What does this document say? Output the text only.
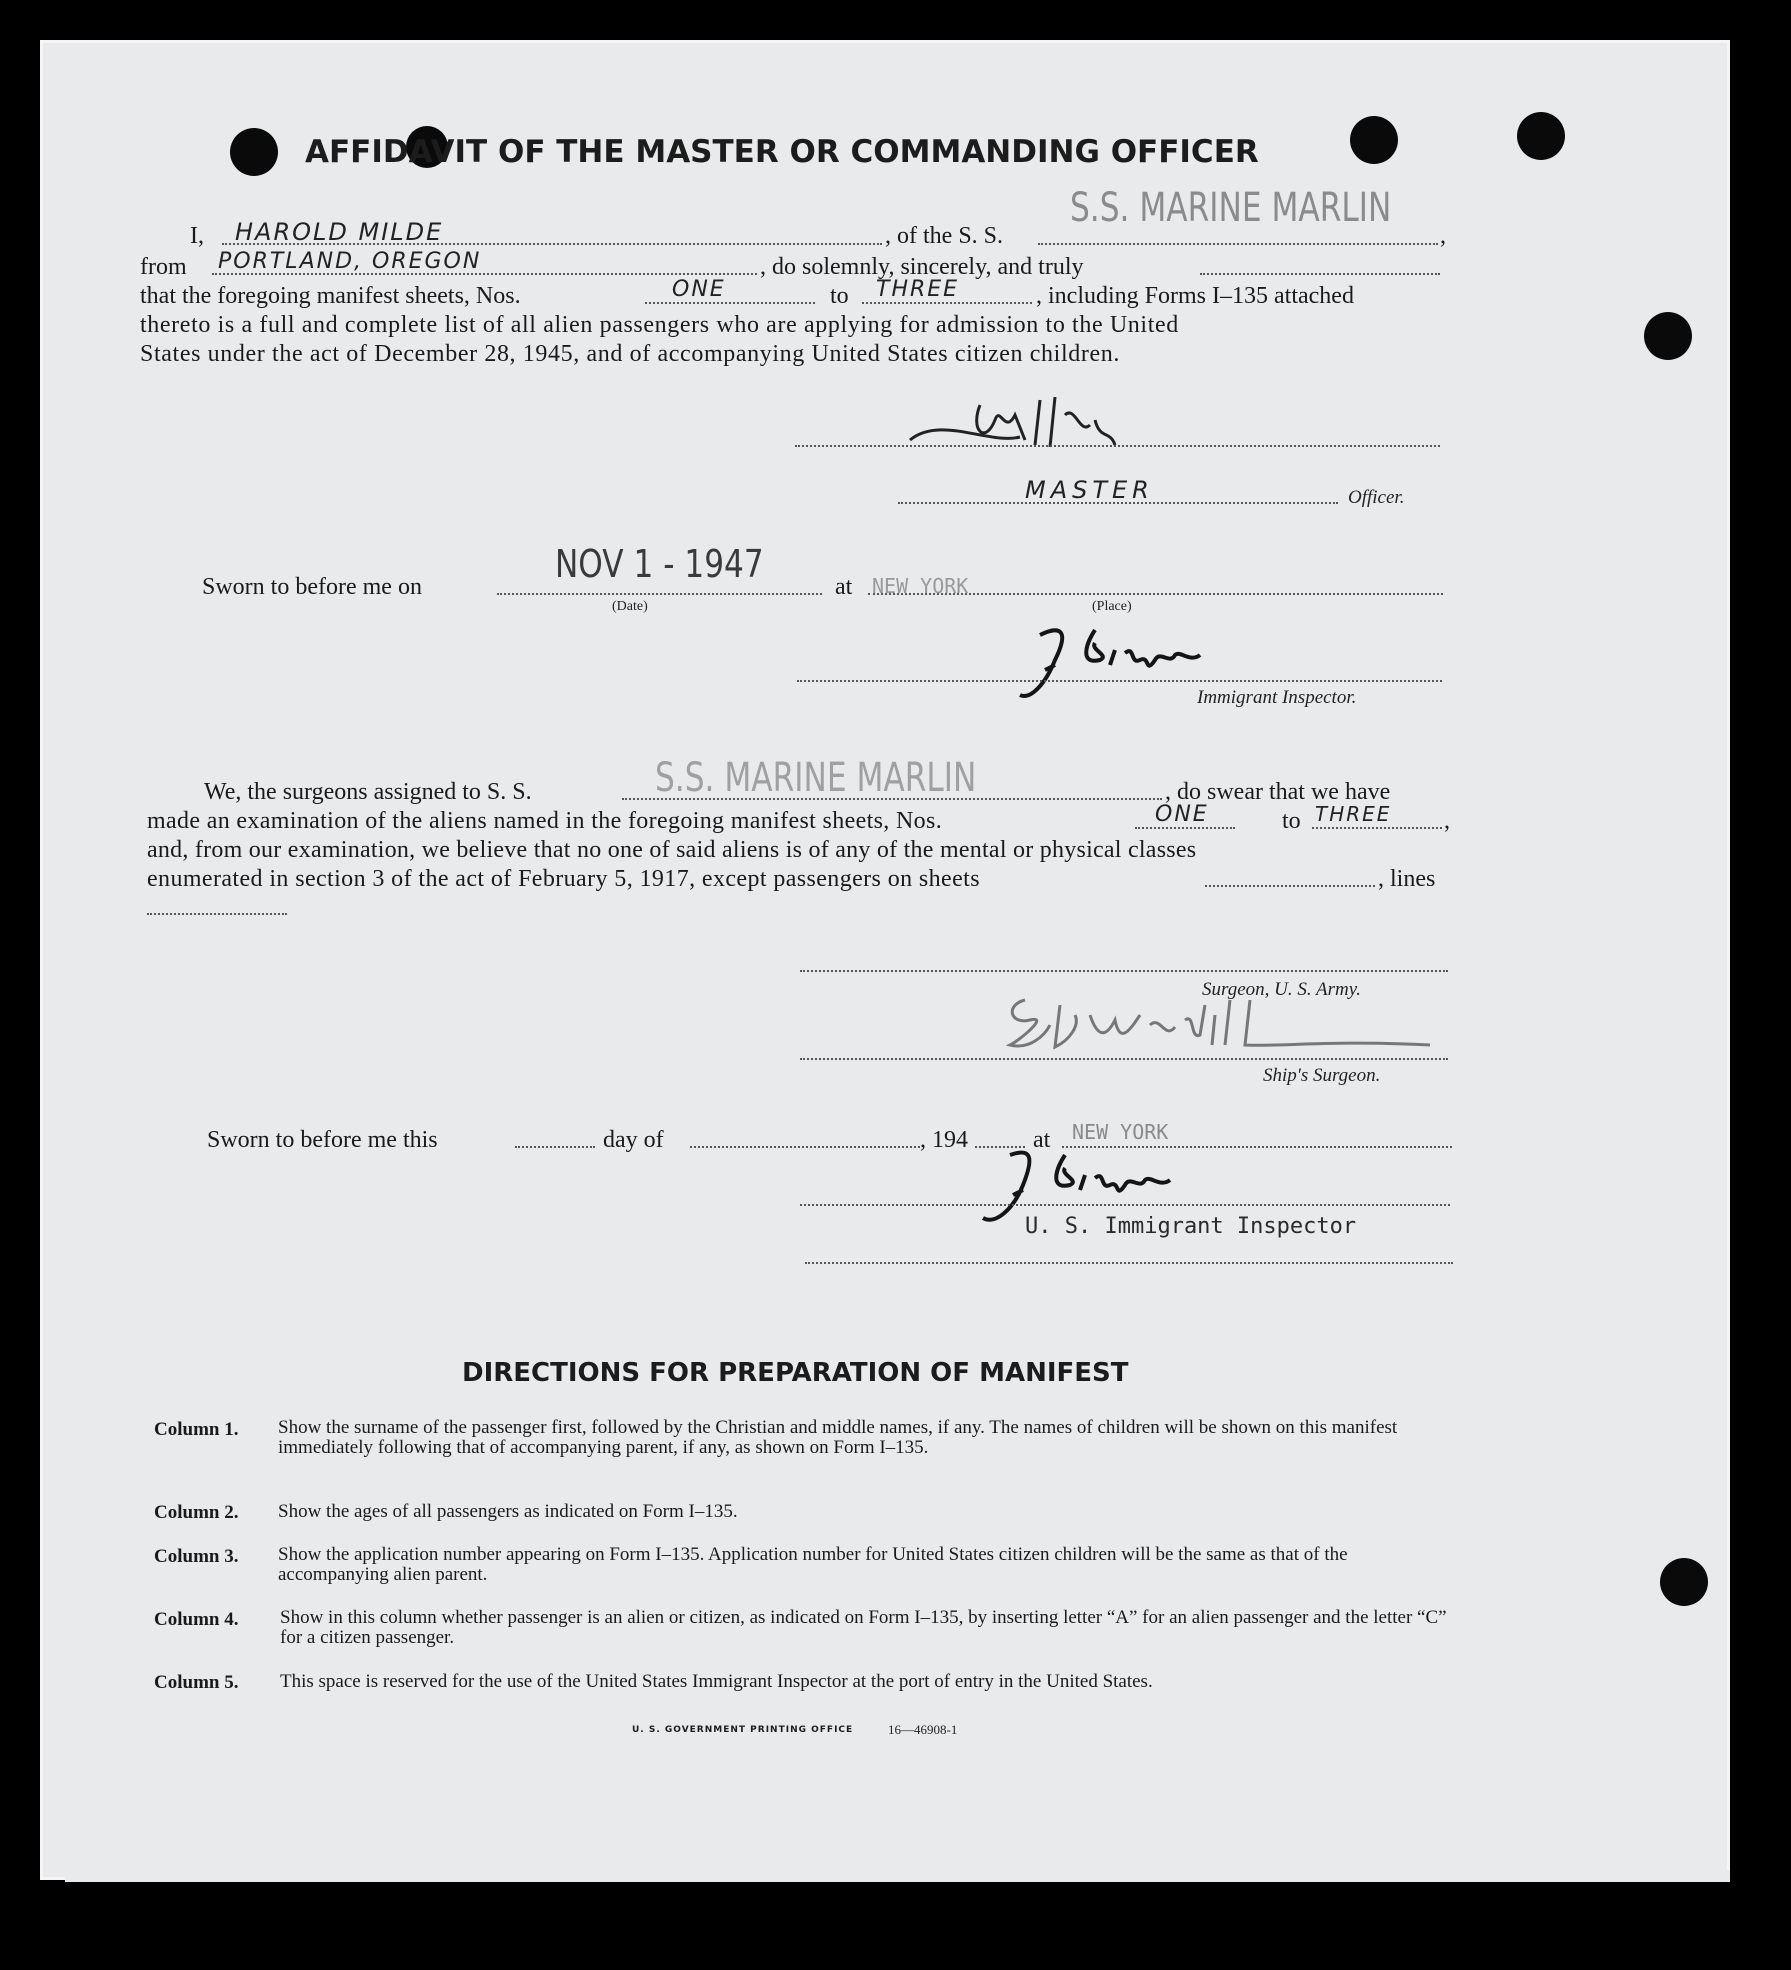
AFFIDAVIT OF THE MASTER OR COMMANDING OFFICER
I, HAROLD MILDE	, of the S. S.
S.S. MARINE MARLIN
,
from PORTLAND, OREGON	, do solemnly, sincerely, and truly
that the foregoing manifest sheets, Nos.	ONE	to THREE	, including Forms I–135 attached
thereto is a full and complete list of all alien passengers who are applying for admission to the United
States under the act of December 28, 1945, and of accompanying United States citizen children.
MASTER	Officer.
Sworn to before me on
NOV 1 - 1947
(Date)
at NEW YORK
(Place)
Immigrant Inspector.
We, the surgeons assigned to S. S.	S.S. MARINE MARLIN	, do swear that we have
made an examination of the aliens named in the foregoing manifest sheets, Nos.	ONE	to THREE ,
and, from our examination, we believe that no one of said aliens is of any of the mental or physical classes
enumerated in section 3 of the act of February 5, 1917, except passengers on sheets	, lines
Surgeon, U. S. Army.
Ship's Surgeon.
Sworn to before me this	day of	, 194	at NEW YORK
U. S. Immigrant Inspector
DIRECTIONS FOR PREPARATION OF MANIFEST
Column 1.	Show the surname of the passenger first, followed by the Christian and middle names, if any. The names of children will be shown on this manifest immediately following that of accompanying parent, if any, as shown on Form I–135.
Column 2. Show the ages of all passengers as indicated on Form I–135.
Column 3. Show the application number appearing on Form I–135. Application number for United States citizen children will be the same as that of the accompanying alien parent.
Column 4. Show in this column whether passenger is an alien or citizen, as indicated on Form I–135, by inserting letter “A” for an alien passenger and the letter “C” for a citizen passenger.
Column 5. This space is reserved for the use of the United States Immigrant Inspector at the port of entry in the United States.
U. S. GOVERNMENT PRINTING OFFICE	16—46908-1
